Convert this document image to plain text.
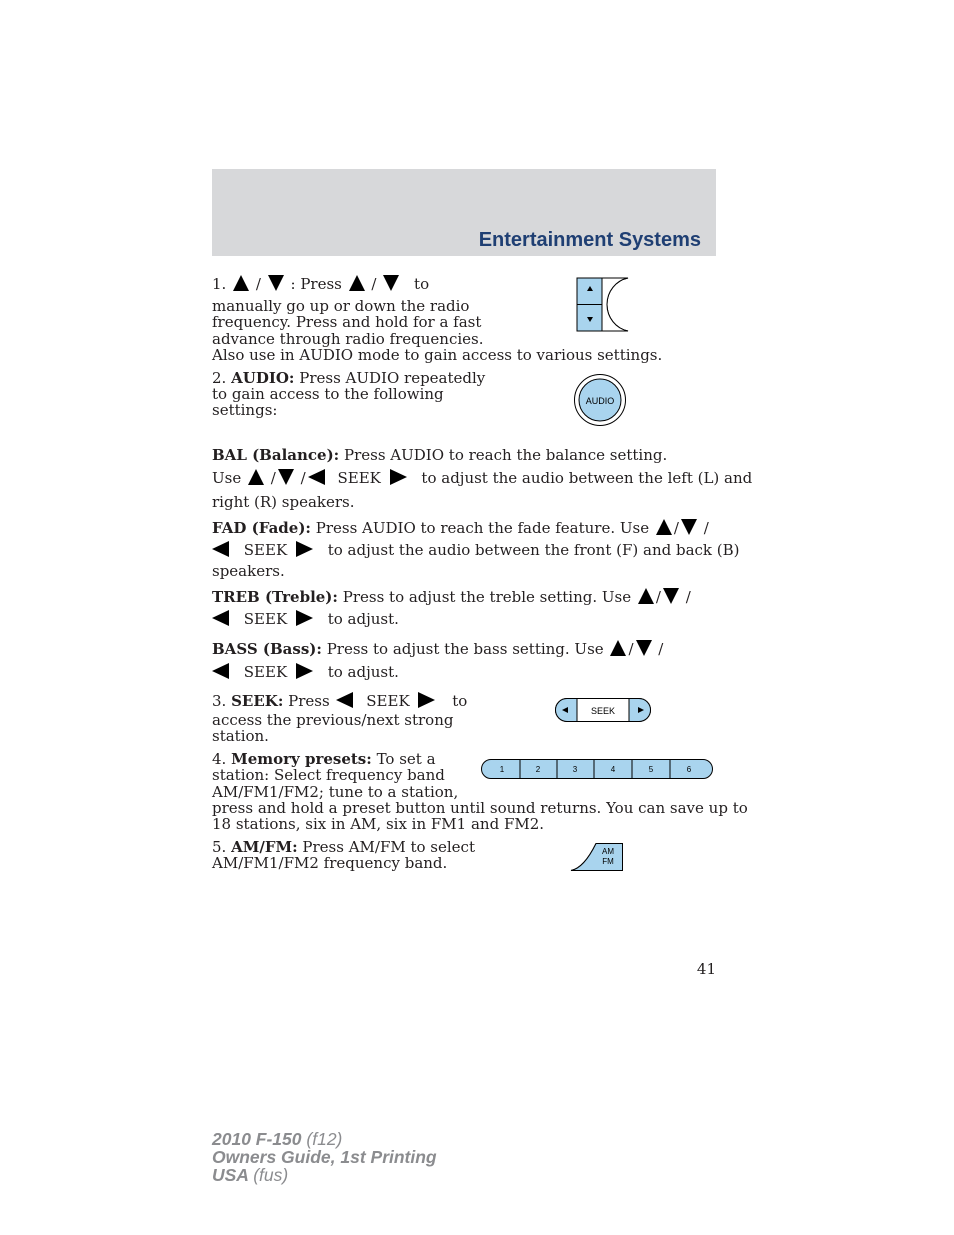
Entertainment Systems
1. / : Press /	to
manually go up or down the radio
frequency. Press and hold for a fast
advance through radio frequencies.
Also use in AUDIO mode to gain access to various settings.
2. AUDIO: Press AUDIO repeatedly
to gain access to the following
settings:	AUDIO
BAL (Balance): Press AUDIO to reach the balance setting.
Use / / SEEK	to adjust the audio between the left (L) and
right (R) speakers.
FAD (Fade): Press AUDIO to reach the fade feature. Use / /
SEEK	to adjust the audio between the front (F) and back (B)
speakers.
TREB (Treble): Press to adjust the treble setting. Use / /
SEEK	to adjust.
BASS (Bass): Press to adjust the bass setting. Use / /
SEEK	to adjust.
3. SEEK: Press SEEK	to
access the previous/next strong
station.
SEEK
4. Memory presets: To set a
station: Select frequency band
AM/FM1/FM2; tune to a station,
press and hold a preset button until sound returns. You can save up to
18 stations, six in AM, six in FM1 and FM2.
1	2	3	4	5	6
5. AM/FM: Press AM/FM to select
AM/FM1/FM2 frequency band.
AM
FM
41
2010 F-150 (f12)
Owners Guide, 1st Printing
USA (fus)
